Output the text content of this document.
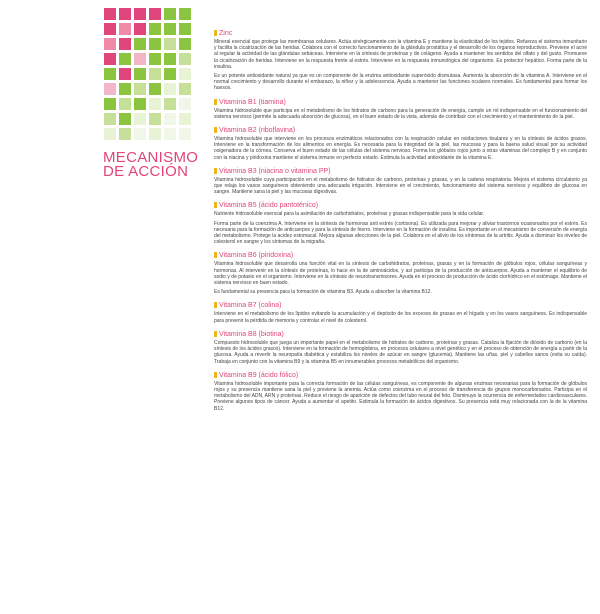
MECANISMO
DE ACCIÓN
Zinc

Mineral esencial que protege las membranas celulares. Actúa sinérgicamente con la vitamina E y mantiene la elasticidad de los tejidos. Refuerza el sistema inmunitario y facilita la cicatrización de las heridas. Colabora con el correcto funcionamiento de la glándula prostática y el desarrollo de los órganos reproductivos. Previene el acné al regular la actividad de las glándulas sebáceas. Interviene en la síntesis de proteínas y de colágeno. Ayuda a mantener los sentidos del olfato y del gusto. Promueve la cicatrización de heridas. Interviene en la respuesta frente al estrés. Interviene en la respuesta inmunológica del organismo. Es protector hepático. Forma parte de la insulina.

Es un potente antioxidante natural ya que es un componente de la enzima antioxidante superóxido dismutasa. Aumenta la absorción de la vitamina A. Interviene en el normal crecimiento y desarrollo durante el embarazo, la niñez y la adolescencia. Ayuda a mantener las funciones oculares normales. Es fundamental para formar los huesos.

Vitamina B1 (tiamina)

Vitamina hidrosoluble que participa en el metabolismo de los hidratos de carbono para la generación de energía, cumple un rol indispensable en el funcionamiento del sistema nervioso (permite la adecuada absorción de glucosa), en el buen estado de la vista, además de contribuir con el crecimiento y el mantenimiento de la piel.

Vitamina B2 (riboflavina)

Vitamina hidrosoluble que interviene en los procesos enzimáticos relacionados con la respiración celular en oxidaciones tisulares y en la síntesis de ácidos grasos. Interviene en la transformación de los alimentos en energía. Es necesaria para la integridad de la piel, las mucosas y para la buena salud visual por su actividad oxigenadora de la córnea. Conserva el buen estado de las células del sistema nervioso. Forma los glóbulos rojos junto a otras vitaminas del complejo B y en conjunto con la niacina y piridoxina mantiene el sistema inmune en perfecto estado. Estimula la actividad antioxidante de la vitamina E.

Vitamina B3 (niacina o vitamina PP)

Vitamina hidrosoluble cuya participación en el metabolismo de hidratos de carbono, proteínas y grasas, y en la cadena respiratoria. Mejora el sistema circulatorio ya que relaja los vasos sanguíneos obteniendo una adecuada irrigación. Interviene en el crecimiento, funcionamiento del sistema nervioso y equilibrio de glucosa en sangre. Mantiene sana la piel y las mucosas digestivas.

Vitamina B5 (ácido pantoténico)

Nutriente hidrosoluble esencial para la asimilación de carbohidratos, proteínas y grasas indispensable para la vida celular.

Forma parte de la coenzima A. Interviene en la síntesis de hormonas anti estrés (cortisona). Es utilizada para mejorar y aliviar trastornos ocasionados por el estrés. Es necesaria para la formación de anticuerpos y para la síntesis de hierro. Interviene en la formación de insulina. Es importante en el mecanismo de conversión de energía del metabolismo. Protege la acidez estomacal. Mejora algunas afecciones de la piel. Colabora en el alivio de los síntomas de la artritis. Ayuda a disminuir los niveles de colesterol en sangre y los síntomas de la migraña.

Vitamina B6 (piridoxina)

Vitamina hidrosoluble que desarrolla una función vital en la síntesis de carbohidratos, proteínas, grasas y en la formación de glóbulos rojos, células sanguíneas y hormonas. Al intervenir en la síntesis de proteínas, lo hace en la de aminoácidos, y así participa de la producción de anticuerpos. Ayuda a mantener el equilibrio de sodio y de potasio en el organismo. Interviene en la síntesis de neurotransmisores. Ayuda en el proceso de producción de ácido clorhídrico en el estómago. Mantiene el sistema nervioso en buen estado.

Es fundamental su presencia para la formación de vitamina B3. Ayuda a absorber la vitamina B12.

Vitamina B7 (colina)

Interviene en el metabolismo de los lípidos evitando la acumulación y el depósito de los excesos de grasas en el hígado y en los vasos sanguíneos. Es indispensable para prevenir la pérdida de memoria y controlar el nivel de colesterol.

Vitamina B8 (biotina)

Compuesto hidrosoluble que juega un importante papel en el metabolismo de hidratos de carbono, proteínas y grasas. Cataliza la fijación de dióxido de carbono (en la síntesis de los ácidos grasos). Interviene en la formación de hemoglobina, en procesos celulares a nivel genético y en el proceso de obtención de energía a partir de la glucosa. Ayuda a revertir la neuropatía diabética y estabiliza los niveles de azúcar en sangre (glucemia). Mantiene las uñas, piel y cabellos sanos (evita su caída). Trabaja en conjunto con la vitamina B9 y la vitamina B5 en innumerables procesos metabólicos del organismo.

Vitamina B9 (ácido fólico)

Vitamina hidrosoluble importante para la correcta formación de las células sanguíneas, es componente de algunas enzimas necesarias para la formación de glóbulos rojos y su presencia mantiene sana la piel y previene la anemia. Actúa como coenzima en el proceso de transferencia de grupos monocarbonados. Participa en el metabolismo del ADN, ARN y proteínas. Reduce el riesgo de aparición de defectos del tubo neural del feto. Disminuye la ocurrencia de enfermedades cardiovasculares. Previene algunos tipos de cáncer. Ayuda a aumentar el apetito. Estimula la formación de ácidos digestivos. Su presencia está muy relacionada con la de la vitamina B12.
